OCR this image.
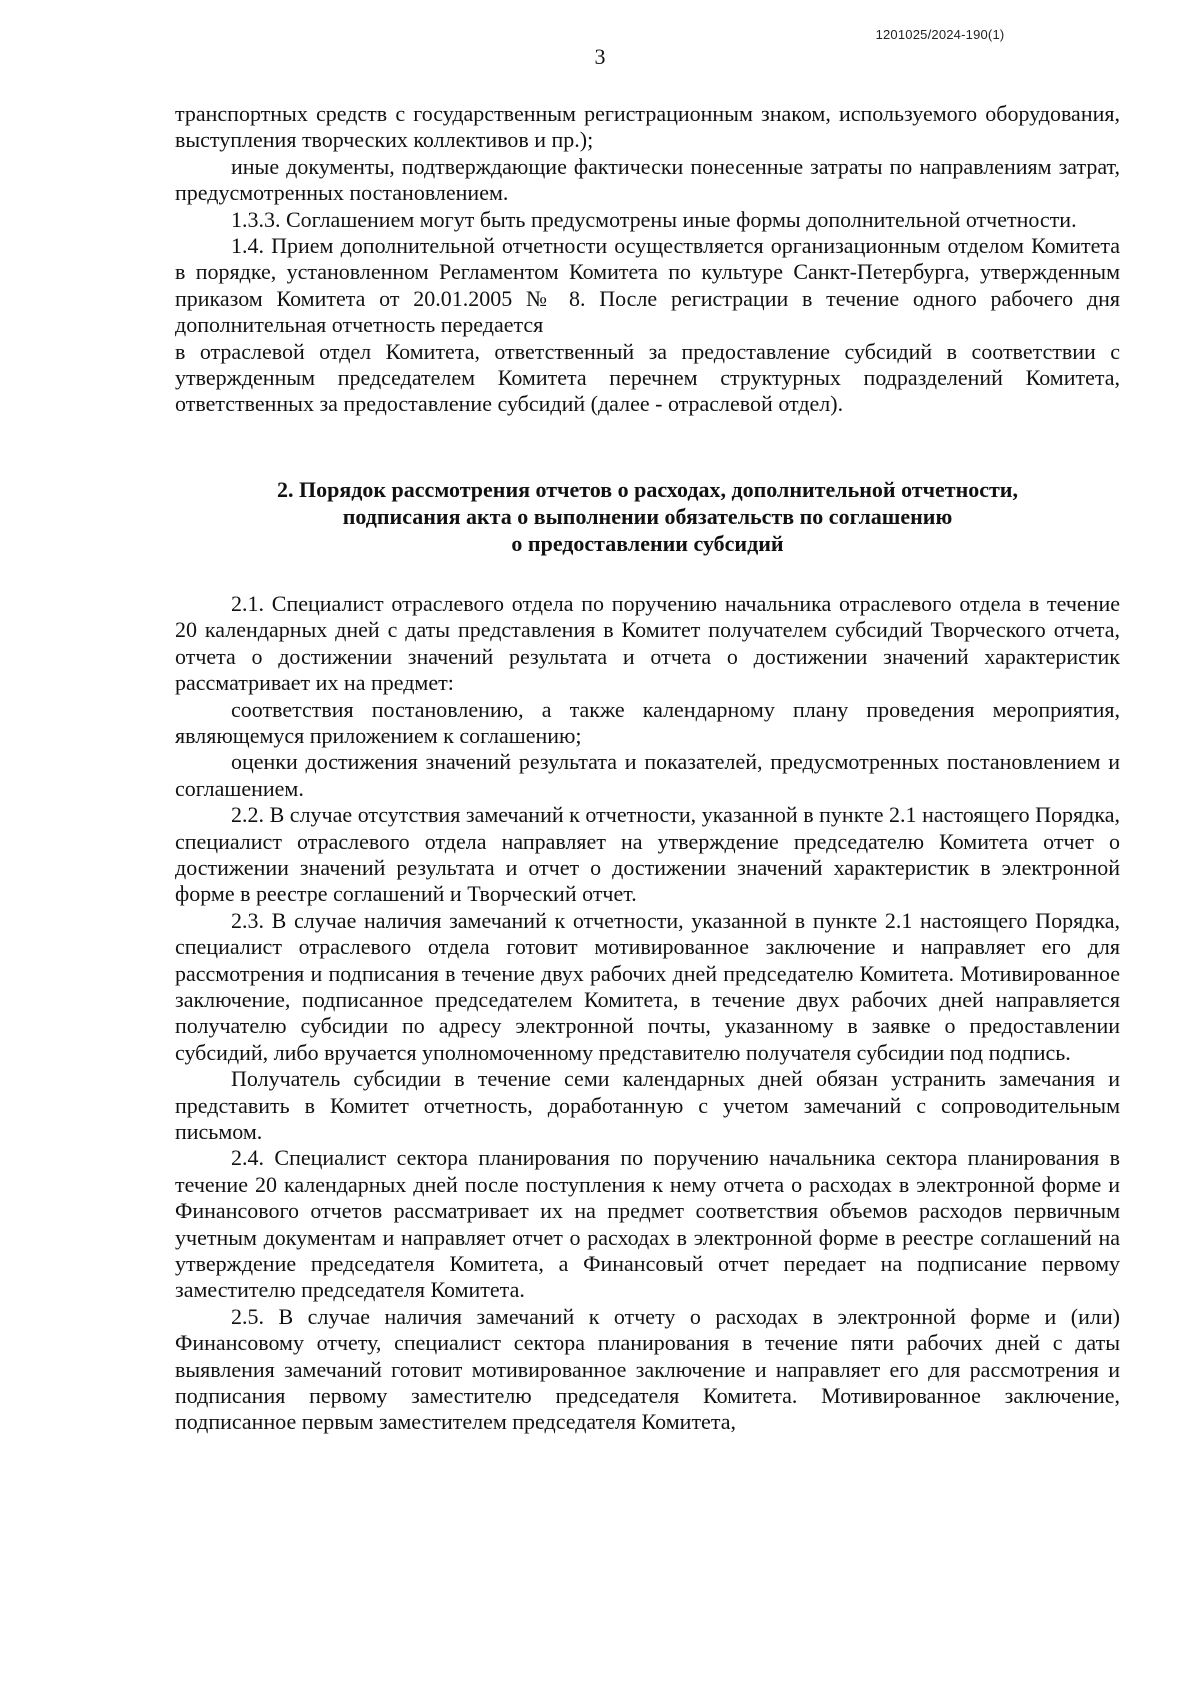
1201025/2024-190(1)
3

транспортных средств с государственным регистрационным знаком, используемого оборудования, выступления творческих коллективов и пр.);

иные документы, подтверждающие фактически понесенные затраты по направлениям затрат, предусмотренных постановлением.

1.3.3. Соглашением могут быть предусмотрены иные формы дополнительной отчетности.

1.4. Прием дополнительной отчетности осуществляется организационным отделом Комитета в порядке, установленном Регламентом Комитета по культуре Санкт-Петербурга, утвержденным приказом Комитета от 20.01.2005 № 8. После регистрации в течение одного рабочего дня дополнительная отчетность передается

в отраслевой отдел Комитета, ответственный за предоставление субсидий в соответствии с утвержденным председателем Комитета перечнем структурных подразделений Комитета, ответственных за предоставление субсидий (далее - отраслевой отдел).

2. Порядок рассмотрения отчетов о расходах, дополнительной отчетности,
подписания акта о выполнении обязательств по соглашению
о предоставлении субсидий

2.1. Специалист отраслевого отдела по поручению начальника отраслевого отдела в течение 20 календарных дней с даты представления в Комитет получателем субсидий Творческого отчета, отчета о достижении значений результата и отчета о достижении значений характеристик рассматривает их на предмет:

соответствия постановлению, а также календарному плану проведения мероприятия, являющемуся приложением к соглашению;

оценки достижения значений результата и показателей, предусмотренных постановлением и соглашением.

2.2. В случае отсутствия замечаний к отчетности, указанной в пункте 2.1 настоящего Порядка, специалист отраслевого отдела направляет на утверждение председателю Комитета отчет о достижении значений результата и отчет о достижении значений характеристик в электронной форме в реестре соглашений и Творческий отчет.

2.3. В случае наличия замечаний к отчетности, указанной в пункте 2.1 настоящего Порядка, специалист отраслевого отдела готовит мотивированное заключение и направляет его для рассмотрения и подписания в течение двух рабочих дней председателю Комитета. Мотивированное заключение, подписанное председателем Комитета, в течение двух рабочих дней направляется получателю субсидии по адресу электронной почты, указанному в заявке о предоставлении субсидий, либо вручается уполномоченному представителю получателя субсидии под подпись.

Получатель субсидии в течение семи календарных дней обязан устранить замечания и представить в Комитет отчетность, доработанную с учетом замечаний с сопроводительным письмом.

2.4. Специалист сектора планирования по поручению начальника сектора планирования в течение 20 календарных дней после поступления к нему отчета о расходах в электронной форме и Финансового отчетов рассматривает их на предмет соответствия объемов расходов первичным учетным документам и направляет отчет о расходах в электронной форме в реестре соглашений на утверждение председателя Комитета, а Финансовый отчет передает на подписание первому заместителю председателя Комитета.

2.5. В случае наличия замечаний к отчету о расходах в электронной форме и (или) Финансовому отчету, специалист сектора планирования в течение пяти рабочих дней с даты выявления замечаний готовит мотивированное заключение и направляет его для рассмотрения и подписания первому заместителю председателя Комитета. Мотивированное заключение, подписанное первым заместителем председателя Комитета,
